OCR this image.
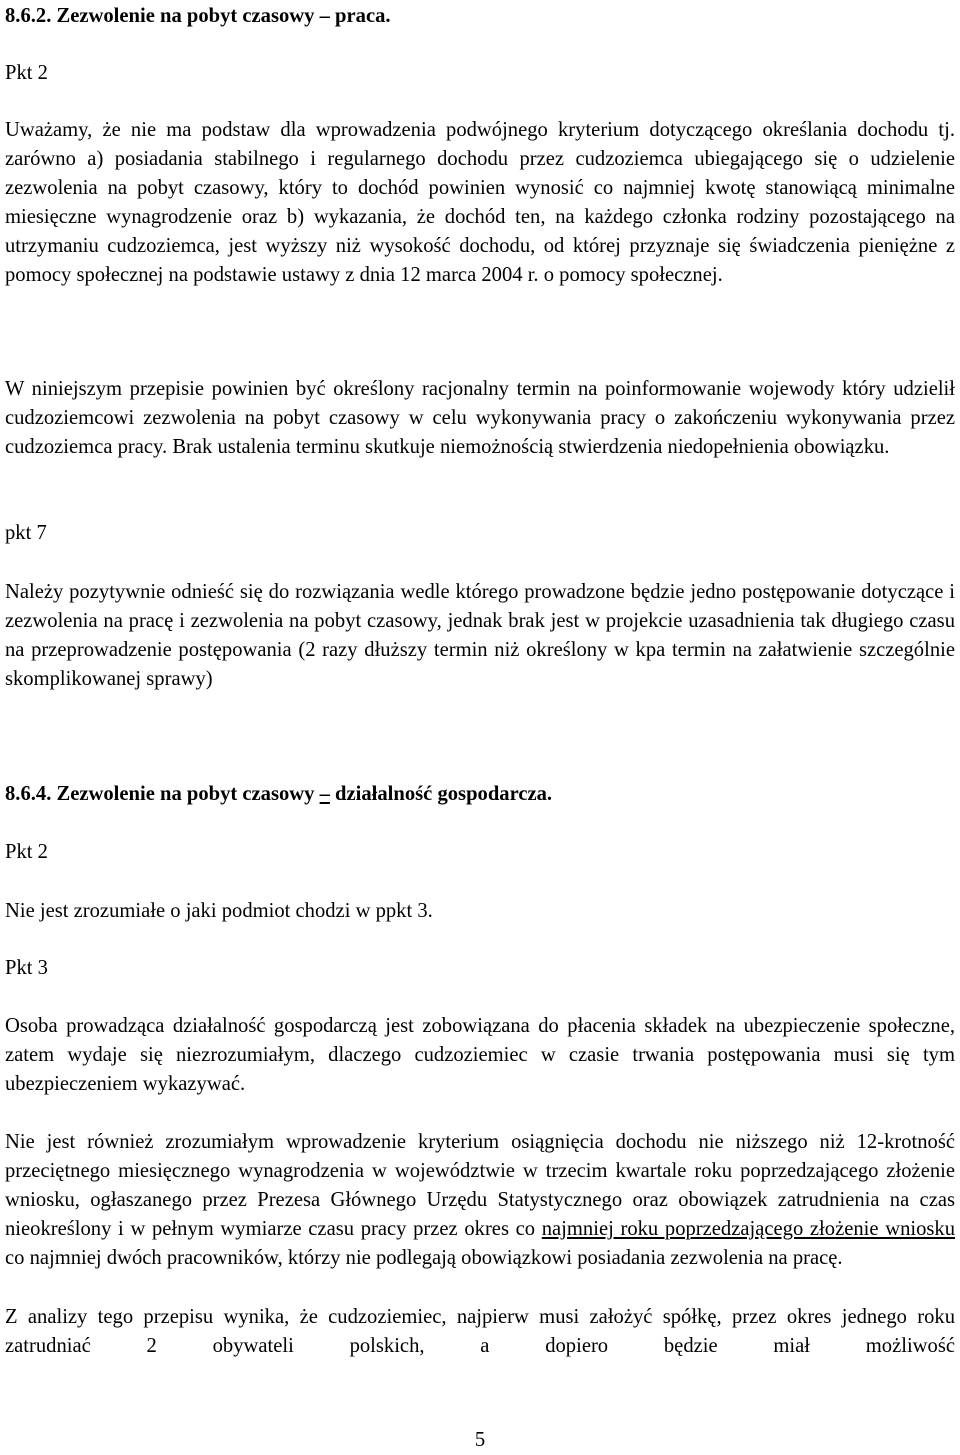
8.6.2. Zezwolenie na pobyt czasowy – praca.

Pkt 2

Uważamy, że nie ma podstaw dla wprowadzenia podwójnego kryterium dotyczącego określania dochodu tj. zarówno a) posiadania stabilnego i regularnego dochodu przez cudzoziemca ubiegającego się o udzielenie zezwolenia na pobyt czasowy, który to dochód powinien wynosić co najmniej kwotę stanowiącą minimalne miesięczne wynagrodzenie oraz b) wykazania, że dochód ten, na każdego członka rodziny pozostającego na utrzymaniu cudzoziemca, jest wyższy niż wysokość dochodu, od której przyznaje się świadczenia pieniężne z pomocy społecznej na podstawie ustawy z dnia 12 marca 2004 r. o pomocy społecznej.

W niniejszym przepisie powinien być określony racjonalny termin na poinformowanie wojewody który udzielił cudzoziemcowi zezwolenia na pobyt czasowy w celu wykonywania pracy o zakończeniu wykonywania przez cudzoziemca pracy. Brak ustalenia terminu skutkuje niemożnością stwierdzenia niedopełnienia obowiązku.

pkt 7

Należy pozytywnie odnieść się do rozwiązania wedle którego prowadzone będzie jedno postępowanie dotyczące i zezwolenia na pracę i zezwolenia na pobyt czasowy, jednak brak jest w projekcie uzasadnienia tak długiego czasu na przeprowadzenie postępowania (2 razy dłuższy termin niż określony w kpa termin na załatwienie szczególnie skomplikowanej sprawy)

8.6.4. Zezwolenie na pobyt czasowy – działalność gospodarcza.

Pkt 2

Nie jest zrozumiałe o jaki podmiot chodzi w ppkt 3.

Pkt 3

Osoba prowadząca działalność gospodarczą jest zobowiązana do płacenia składek na ubezpieczenie społeczne, zatem wydaje się niezrozumiałym, dlaczego cudzoziemiec w czasie trwania postępowania musi się tym ubezpieczeniem wykazywać.

Nie jest również zrozumiałym wprowadzenie kryterium osiągnięcia dochodu nie niższego niż 12-krotność przeciętnego miesięcznego wynagrodzenia w województwie w trzecim kwartale roku poprzedzającego złożenie wniosku, ogłaszanego przez Prezesa Głównego Urzędu Statystycznego oraz obowiązek zatrudnienia na czas nieokreślony i w pełnym wymiarze czasu pracy przez okres co najmniej roku poprzedzającego złożenie wniosku co najmniej dwóch pracowników, którzy nie podlegają obowiązkowi posiadania zezwolenia na pracę.

Z analizy tego przepisu wynika, że cudzoziemiec, najpierw musi założyć spółkę, przez okres jednego roku zatrudniać 2 obywateli polskich, a dopiero będzie miał możliwość

5
